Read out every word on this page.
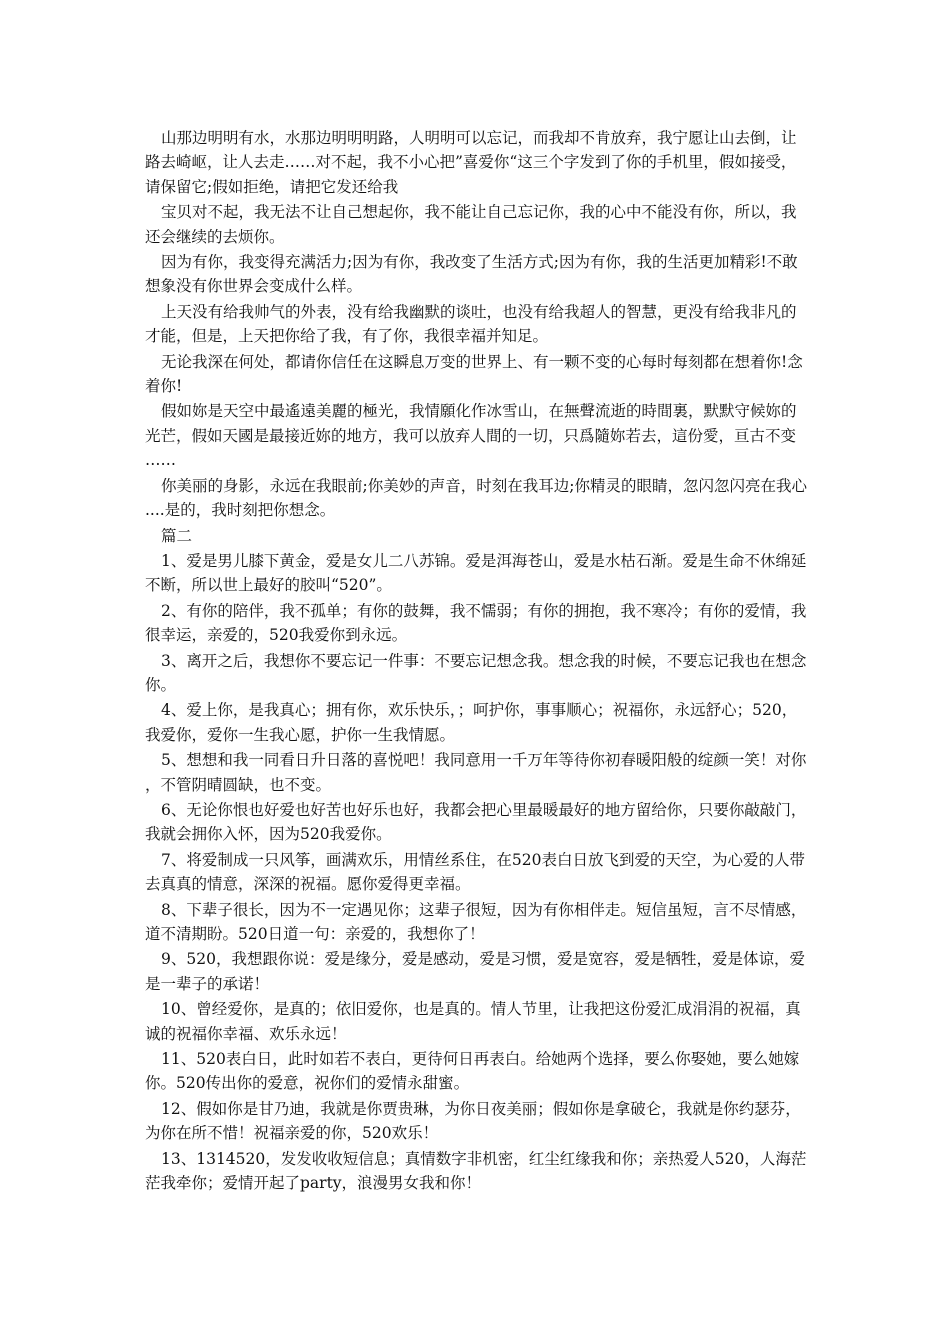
山那边明明有水，水那边明明明路，人明明可以忘记，而我却不肯放弃，我宁愿让山去倒，让路去崎岖，让人去走……对不起，我不小心把”喜爱你“这三个字发到了你的手机里，假如接受，请保留它;假如拒绝，请把它发还给我

宝贝对不起，我无法不让自己想起你，我不能让自己忘记你，我的心中不能没有你，所以，我还会继续的去烦你。

因为有你，我变得充满活力;因为有你，我改变了生活方式;因为有你，我的生活更加精彩!不敢想象没有你世界会变成什么样。

上天没有给我帅气的外表，没有给我幽默的谈吐，也没有给我超人的智慧，更没有给我非凡的才能，但是，上天把你给了我，有了你，我很幸福并知足。

无论我深在何处，都请你信任在这瞬息万变的世界上、有一颗不变的心每时每刻都在想着你!念着你!

假如妳是天空中最遙遠美麗的極光，我情願化作冰雪山，在無聲流逝的時間裏，默默守候妳的光芒，假如天國是最接近妳的地方，我可以放弃人間的一切，只爲隨妳若去，這份愛，亘古不变……

你美丽的身影，永远在我眼前;你美妙的声音，时刻在我耳边;你精灵的眼睛，忽闪忽闪亮在我心....是的，我时刻把你想念。

篇二

1、爱是男儿膝下黄金，爱是女儿二八苏锦。爱是洱海苍山，爱是水枯石渐。爱是生命不休绵延不断，所以世上最好的胶叫“520”。

2、有你的陪伴，我不孤单；有你的鼓舞，我不懦弱；有你的拥抱，我不寒冷；有你的爱情，我很幸运，亲爱的，520我爱你到永远。

3、离开之后，我想你不要忘记一件事：不要忘记想念我。想念我的时候，不要忘记我也在想念你。

4、爱上你，是我真心；拥有你，欢乐快乐，；呵护你，事事顺心；祝福你，永远舒心；520，我爱你，爱你一生我心愿，护你一生我情愿。

5、想想和我一同看日升日落的喜悦吧！我同意用一千万年等待你初春暖阳般的绽颜一笑！对你，不管阴晴圆缺，也不变。

6、无论你恨也好爱也好苦也好乐也好，我都会把心里最暖最好的地方留给你，只要你敲敲门，我就会拥你入怀，因为520我爱你。

7、将爱制成一只风筝，画满欢乐，用情丝系住，在520表白日放飞到爱的天空，为心爱的人带去真真的情意，深深的祝福。愿你爱得更幸福。

8、下辈子很长，因为不一定遇见你；这辈子很短，因为有你相伴走。短信虽短，言不尽情感，道不清期盼。520日道一句：亲爱的，我想你了！

9、520，我想跟你说：爱是缘分，爱是感动，爱是习惯，爱是宽容，爱是牺牲，爱是体谅，爱是一辈子的承诺！

10、曾经爱你，是真的；依旧爱你，也是真的。情人节里，让我把这份爱汇成涓涓的祝福，真诚的祝福你幸福、欢乐永远！

11、520表白日，此时如若不表白，更待何日再表白。给她两个选择，要么你娶她，要么她嫁你。520传出你的爱意，祝你们的爱情永甜蜜。

12、假如你是甘乃迪，我就是你贾贵琳，为你日夜美丽；假如你是拿破仑，我就是你约瑟芬，为你在所不惜！祝福亲爱的你，520欢乐！

13、1314520，发发收收短信息；真情数字非机密，红尘红缘我和你；亲热爱人520，人海茫茫我牵你；爱情开起了party，浪漫男女我和你！
